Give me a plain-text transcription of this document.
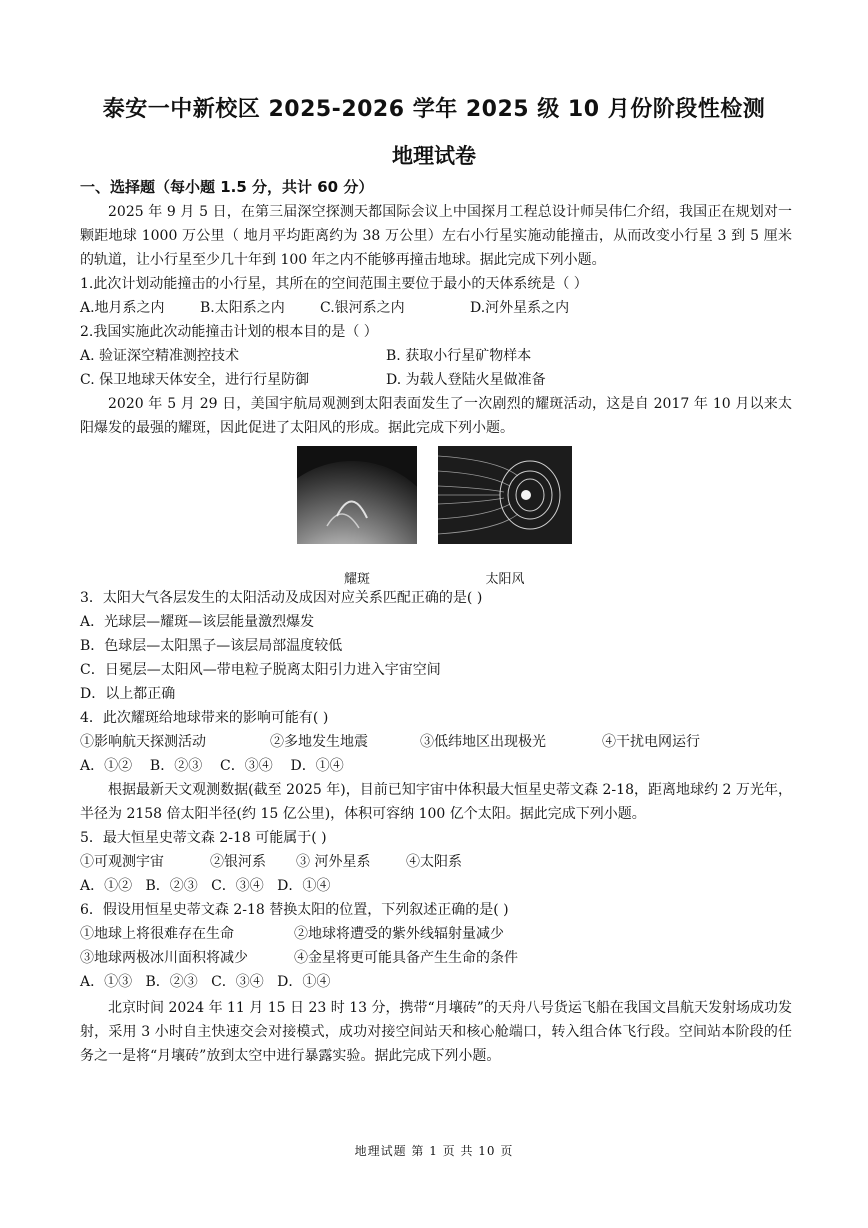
泰安一中新校区 2025-2026 学年 2025 级 10 月份阶段性检测
地理试卷
一、选择题（每小题 1.5 分，共计 60 分）

2025 年 9 月 5 日，在第三届深空探测天都国际会议上中国探月工程总设计师吴伟仁介绍，我国正在规划对一颗距地球 1000 万公里（ 地月平均距离约为 38 万公里）左右小行星实施动能撞击，从而改变小行星 3 到 5 厘米的轨道，让小行星至少几十年到 100 年之内不能够再撞击地球。据此完成下列小题。

1.此次计划动能撞击的小行星，其所在的空间范围主要位于最小的天体系统是（ ）

A.地月系之内	B.太阳系之内	C.银河系之内	D.河外星系之内

2.我国实施此次动能撞击计划的根本目的是（ ）

A. 验证深空精准测控技术	B. 获取小行星矿物样本
C. 保卫地球天体安全，进行行星防御	D. 为载人登陆火星做准备

2020 年 5 月 29 日，美国宇航局观测到太阳表面发生了一次剧烈的耀斑活动，这是自 2017 年 10 月以来太阳爆发的最强的耀斑，因此促进了太阳风的形成。据此完成下列小题。

耀斑	太阳风

3．太阳大气各层发生的太阳活动及成因对应关系匹配正确的是( )

A．光球层—耀斑—该层能量激烈爆发

B．色球层—太阳黑子—该层局部温度较低

C．日冕层—太阳风—带电粒子脱离太阳引力进入宇宙空间

D．以上都正确

4．此次耀斑给地球带来的影响可能有( )

①影响航天探测活动	②多地发生地震	③低纬地区出现极光	④干扰电网运行

A．①②    B．②③    C．③④    D．①④

根据最新天文观测数据(截至 2025 年)，目前已知宇宙中体积最大恒星史蒂文森 2-18，距离地球约 2 万光年，半径为 2158 倍太阳半径(约 15 亿公里)，体积可容纳 100 亿个太阳。据此完成下列小题。

5．最大恒星史蒂文森 2-18 可能属于( )

①可观测宇宙	②银河系	③ 河外星系	④太阳系

A．①②   B．②③   C．③④   D．①④

6．假设用恒星史蒂文森 2-18 替换太阳的位置，下列叙述正确的是( )

①地球上将很难存在生命	②地球将遭受的紫外线辐射量减少
③地球两极冰川面积将减少	④金星将更可能具备产生生命的条件

A．①③   B．②③   C．③④   D．①④

北京时间 2024 年 11 月 15 日 23 时 13 分，携带“月壤砖”的天舟八号货运飞船在我国文昌航天发射场成功发射，采用 3 小时自主快速交会对接模式，成功对接空间站天和核心舱端口，转入组合体飞行段。空间站本阶段的任务之一是将“月壤砖”放到太空中进行暴露实验。据此完成下列小题。

地理试题 第 1 页 共 10 页
